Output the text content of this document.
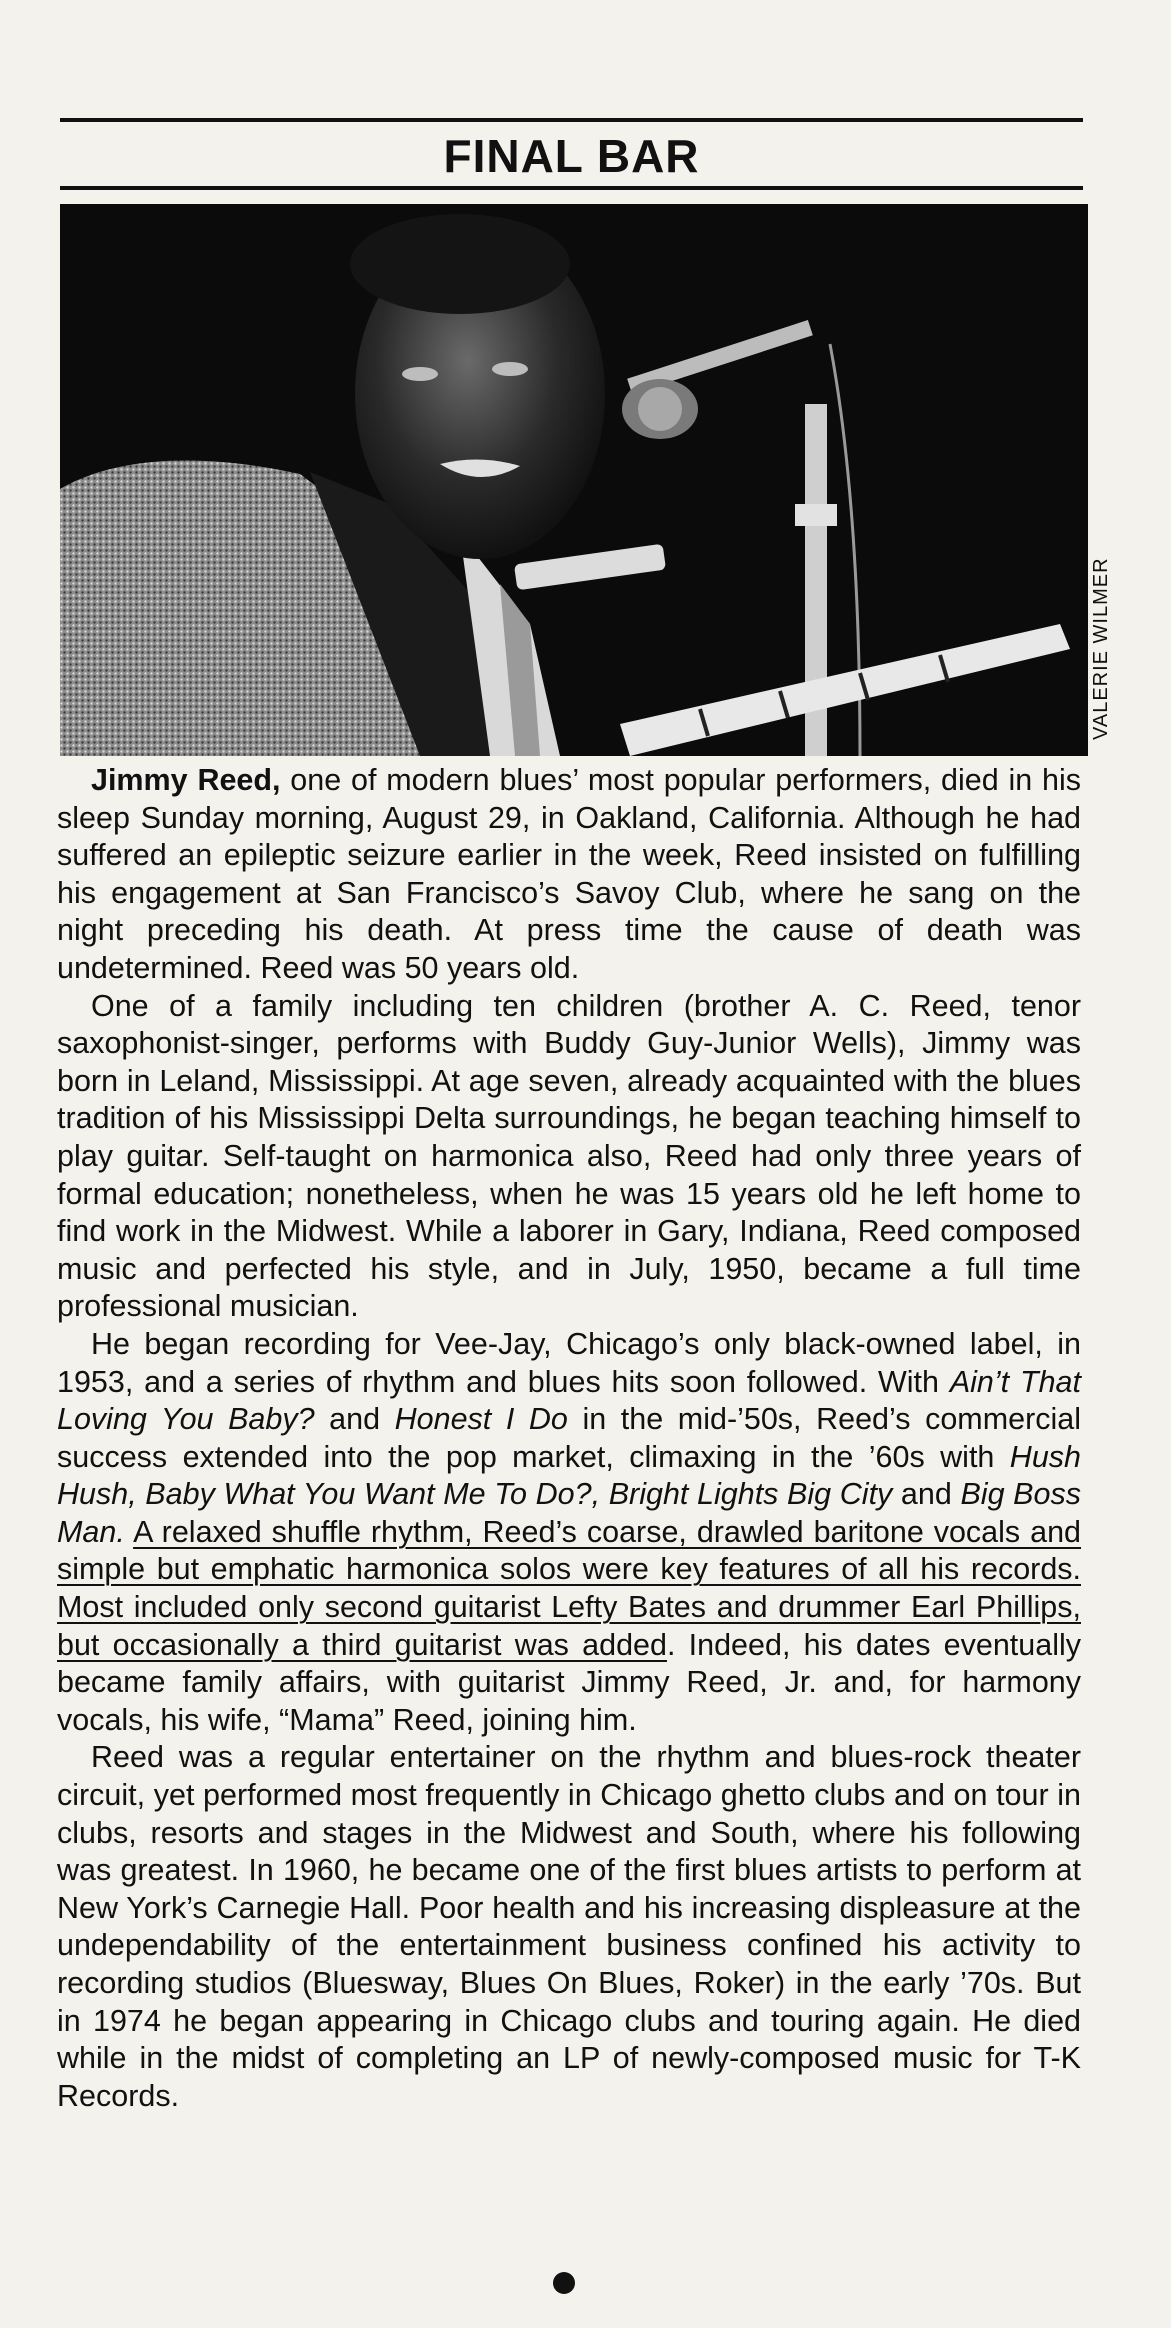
FINAL BAR
VALERIE WILMER

Jimmy Reed, one of modern blues’ most popular performers, died in his sleep Sunday morning, August 29, in Oakland, California. Although he had suffered an epileptic seizure earlier in the week, Reed insisted on fulfilling his engagement at San Francisco’s Savoy Club, where he sang on the night preceding his death. At press time the cause of death was undetermined. Reed was 50 years old.

One of a family including ten children (brother A. C. Reed, tenor saxophonist-singer, performs with Buddy Guy-Junior Wells), Jimmy was born in Leland, Mississippi. At age seven, already acquainted with the blues tradition of his Mississippi Delta surroundings, he began teaching himself to play guitar. Self-taught on harmonica also, Reed had only three years of formal education; nonetheless, when he was 15 years old he left home to find work in the Midwest. While a laborer in Gary, Indiana, Reed composed music and perfected his style, and in July, 1950, became a full time professional musician.

He began recording for Vee-Jay, Chicago’s only black-owned label, in 1953, and a series of rhythm and blues hits soon followed. With Ain’t That Loving You Baby? and Honest I Do in the mid-’50s, Reed’s commercial success extended into the pop market, climaxing in the ’60s with Hush Hush, Baby What You Want Me To Do?, Bright Lights Big City and Big Boss Man. A relaxed shuffle rhythm, Reed’s coarse, drawled baritone vocals and simple but emphatic harmonica solos were key features of all his records. Most included only second guitarist Lefty Bates and drummer Earl Phillips, but occasionally a third guitarist was added. Indeed, his dates eventually became family affairs, with guitarist Jimmy Reed, Jr. and, for harmony vocals, his wife, “Mama” Reed, joining him.

Reed was a regular entertainer on the rhythm and blues-rock theater circuit, yet performed most frequently in Chicago ghetto clubs and on tour in clubs, resorts and stages in the Midwest and South, where his following was greatest. In 1960, he became one of the first blues artists to perform at New York’s Carnegie Hall. Poor health and his increasing displeasure at the undependability of the entertainment business confined his activity to recording studios (Bluesway, Blues On Blues, Roker) in the early ’70s. But in 1974 he began appearing in Chicago clubs and touring again. He died while in the midst of completing an LP of newly-composed music for T-K Records.
